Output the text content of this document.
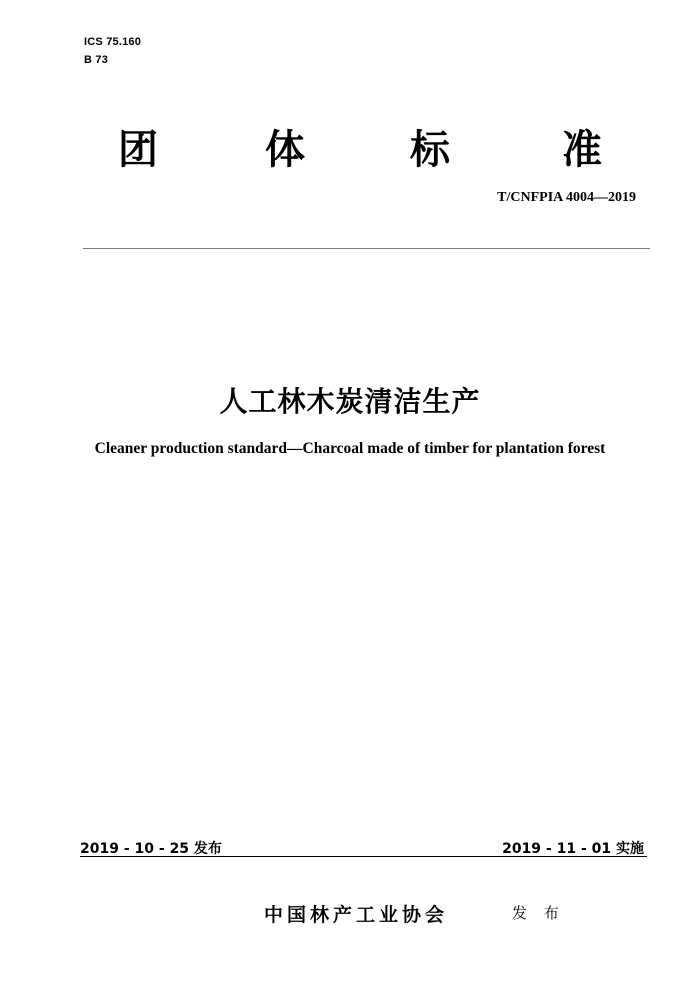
ICS 75.160
B 73
团	体	标	准
T/CNFPIA 4004—2019
人工林木炭清洁生产
Cleaner production standard—Charcoal made of timber for plantation forest
2019 - 10 - 25 发布	2019 - 11 - 01 实施
中国林产工业协会	发 布
